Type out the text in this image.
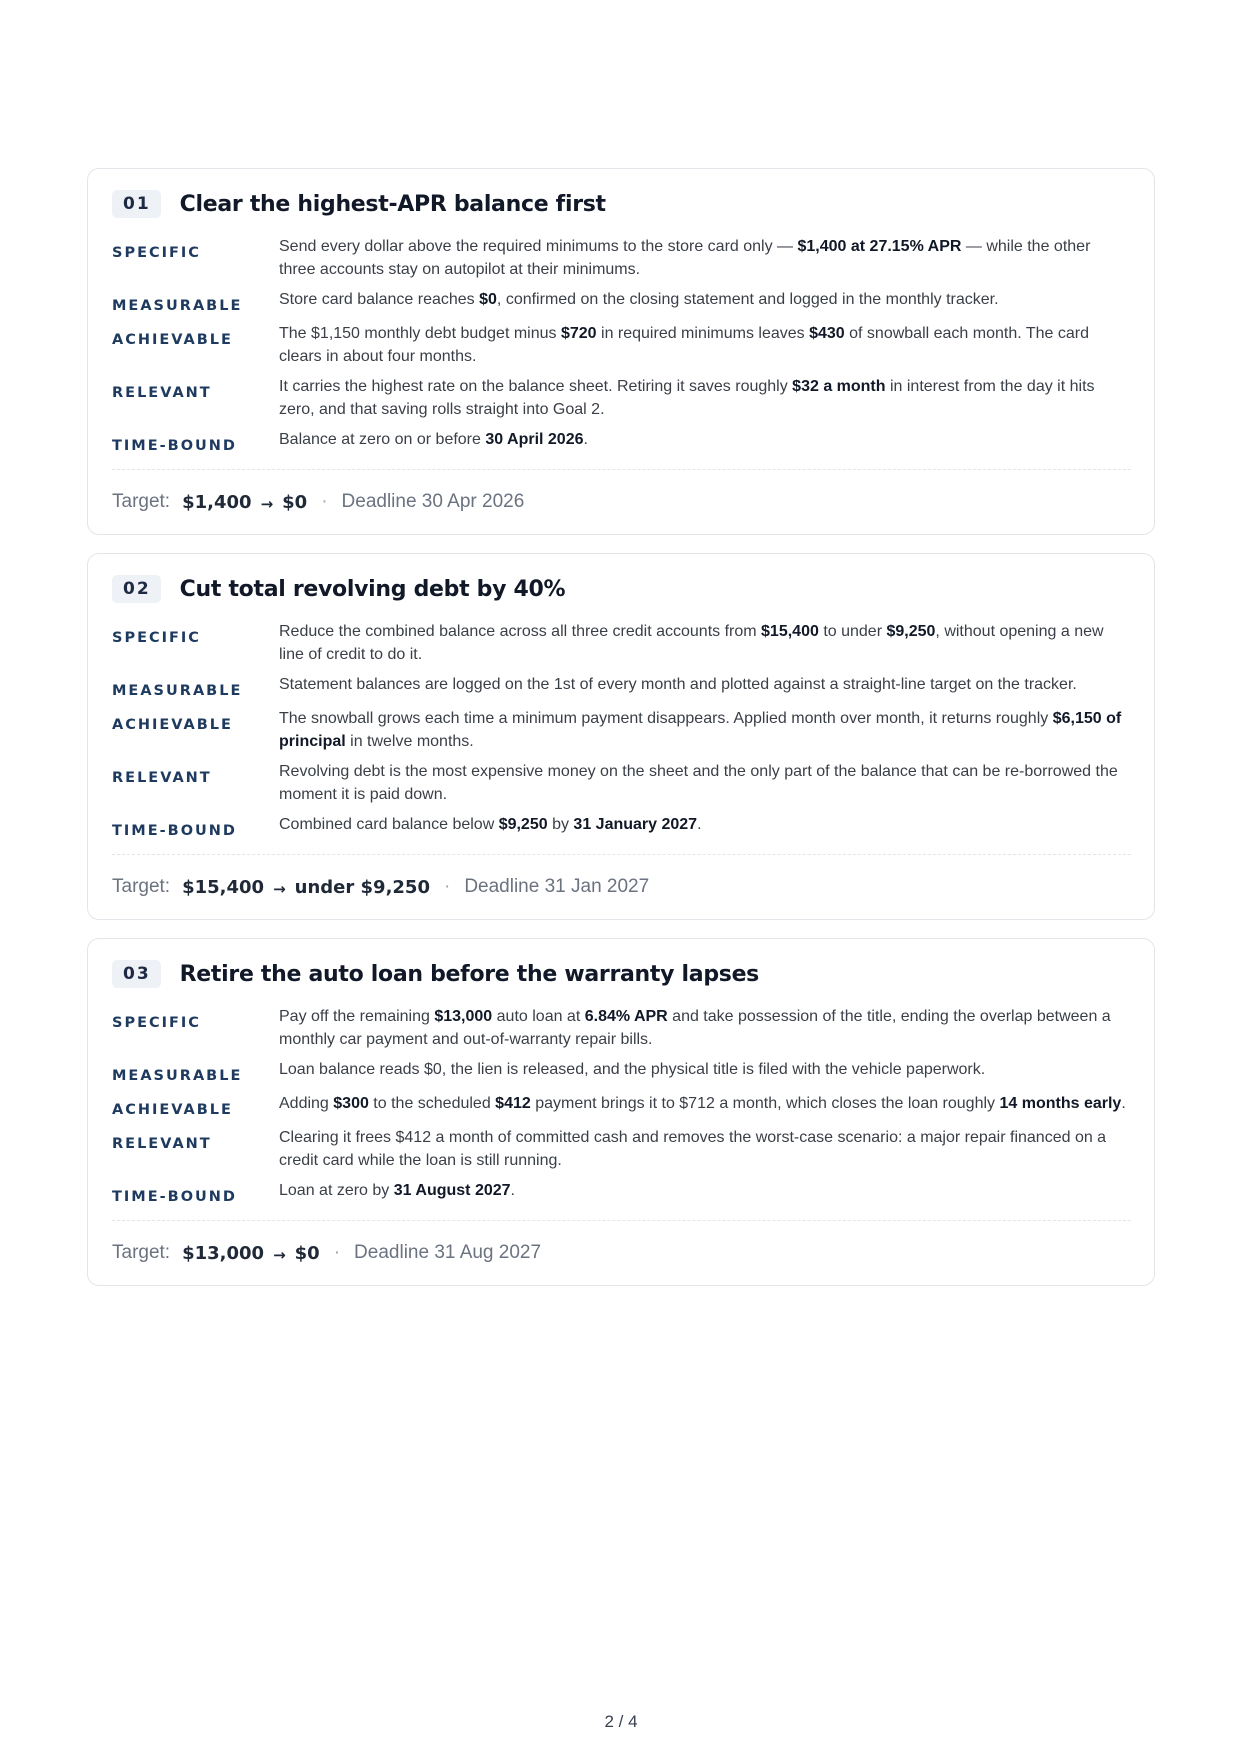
01	Clear the highest-APR balance first
SPECIFIC	Send every dollar above the required minimums to the store card only — $1,400 at 27.15% APR — while the other three accounts stay on autopilot at their minimums.
MEASURABLE	Store card balance reaches $0, confirmed on the closing statement and logged in the monthly tracker.
ACHIEVABLE	The $1,150 monthly debt budget minus $720 in required minimums leaves $430 of snowball each month. The card clears in about four months.
RELEVANT	It carries the highest rate on the balance sheet. Retiring it saves roughly $32 a month in interest from the day it hits zero, and that saving rolls straight into Goal 2.
TIME-BOUND	Balance at zero on or before 30 April 2026.
Target: $1,400 → $0 · Deadline 30 Apr 2026
02	Cut total revolving debt by 40%
SPECIFIC	Reduce the combined balance across all three credit accounts from $15,400 to under $9,250, without opening a new line of credit to do it.
MEASURABLE	Statement balances are logged on the 1st of every month and plotted against a straight-line target on the tracker.
ACHIEVABLE	The snowball grows each time a minimum payment disappears. Applied month over month, it returns roughly $6,150 of principal in twelve months.
RELEVANT	Revolving debt is the most expensive money on the sheet and the only part of the balance that can be re-borrowed the moment it is paid down.
TIME-BOUND	Combined card balance below $9,250 by 31 January 2027.
Target: $15,400 → under $9,250 · Deadline 31 Jan 2027
03	Retire the auto loan before the warranty lapses
SPECIFIC	Pay off the remaining $13,000 auto loan at 6.84% APR and take possession of the title, ending the overlap between a monthly car payment and out-of-warranty repair bills.
MEASURABLE	Loan balance reads $0, the lien is released, and the physical title is filed with the vehicle paperwork.
ACHIEVABLE	Adding $300 to the scheduled $412 payment brings it to $712 a month, which closes the loan roughly 14 months early.
RELEVANT	Clearing it frees $412 a month of committed cash and removes the worst-case scenario: a major repair financed on a credit card while the loan is still running.
TIME-BOUND	Loan at zero by 31 August 2027.
Target: $13,000 → $0 · Deadline 31 Aug 2027
2 / 4
